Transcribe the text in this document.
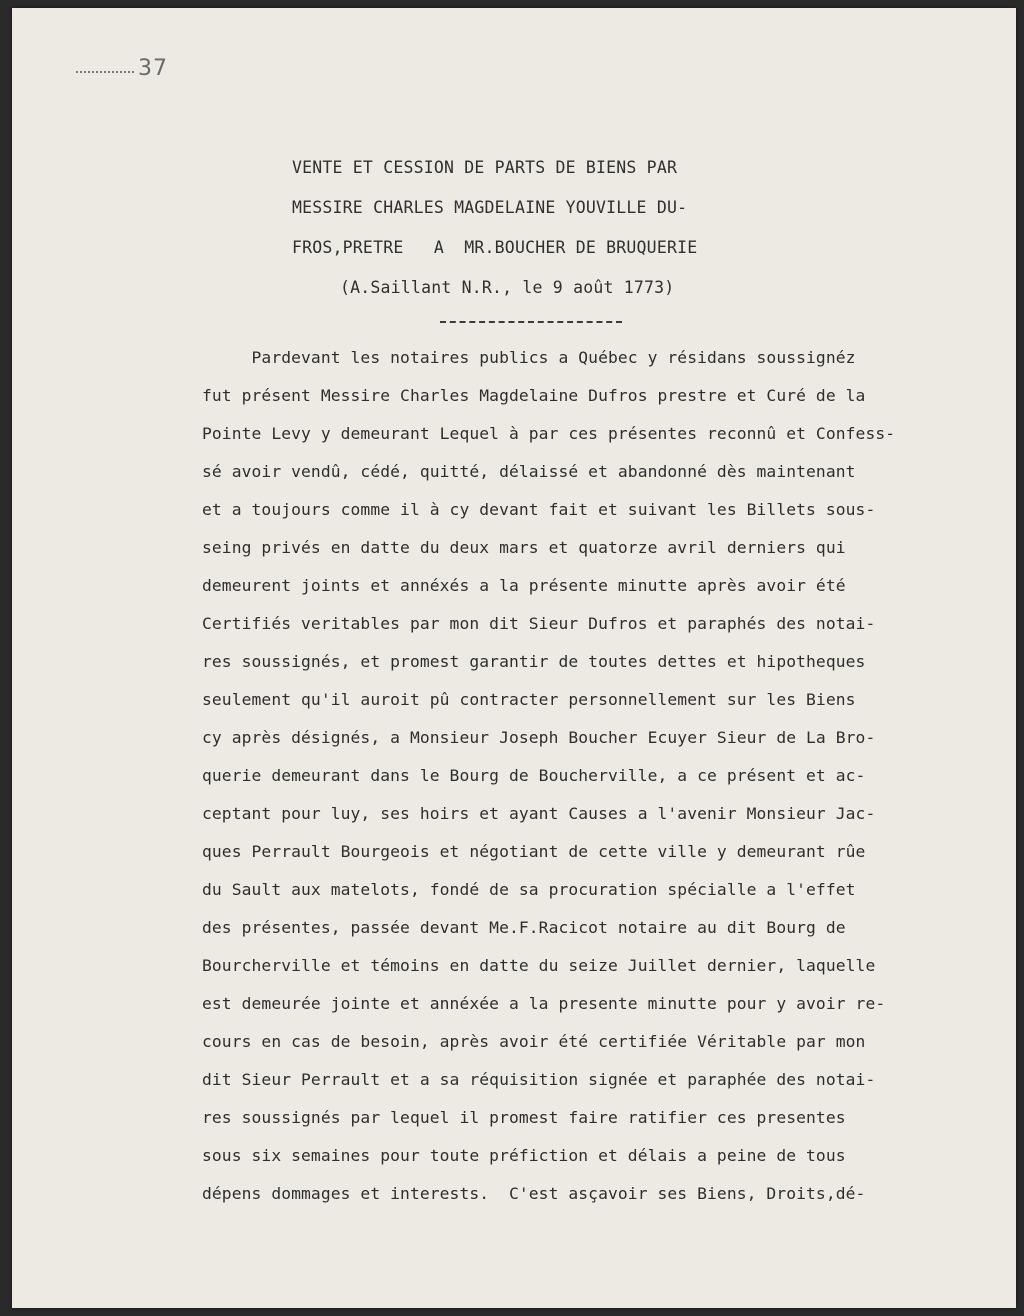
37
VENTE ET CESSION DE PARTS DE BIENS PAR
MESSIRE CHARLES MAGDELAINE YOUVILLE DU-
FROS,PRETRE   A  MR.BOUCHER DE BRUQUERIE
(A.Saillant N.R., le 9 août 1773)
Pardevant les notaires publics a Québec y résidans soussignéz
fut présent Messire Charles Magdelaine Dufros prestre et Curé de la
Pointe Levy y demeurant Lequel à par ces présentes reconnû et Confess-
sé avoir vendû, cédé, quitté, délaissé et abandonné dès maintenant
et a toujours comme il à cy devant fait et suivant les Billets sous-
seing privés en datte du deux mars et quatorze avril derniers qui
demeurent joints et annéxés a la présente minutte après avoir été
Certifiés veritables par mon dit Sieur Dufros et paraphés des notai-
res soussignés, et promest garantir de toutes dettes et hipotheques
seulement qu'il auroit pû contracter personnellement sur les Biens
cy après désignés, a Monsieur Joseph Boucher Ecuyer Sieur de La Bro-
querie demeurant dans le Bourg de Boucherville, a ce présent et ac-
ceptant pour luy, ses hoirs et ayant Causes a l'avenir Monsieur Jac-
ques Perrault Bourgeois et négotiant de cette ville y demeurant rûe
du Sault aux matelots, fondé de sa procuration spécialle a l'effet
des présentes, passée devant Me.F.Racicot notaire au dit Bourg de
Bourcherville et témoins en datte du seize Juillet dernier, laquelle
est demeurée jointe et annéxée a la presente minutte pour y avoir re-
cours en cas de besoin, après avoir été certifiée Véritable par mon
dit Sieur Perrault et a sa réquisition signée et paraphée des notai-
res soussignés par lequel il promest faire ratifier ces presentes
sous six semaines pour toute préfiction et délais a peine de tous
dépens dommages et interests.  C'est asçavoir ses Biens, Droits,dé-
